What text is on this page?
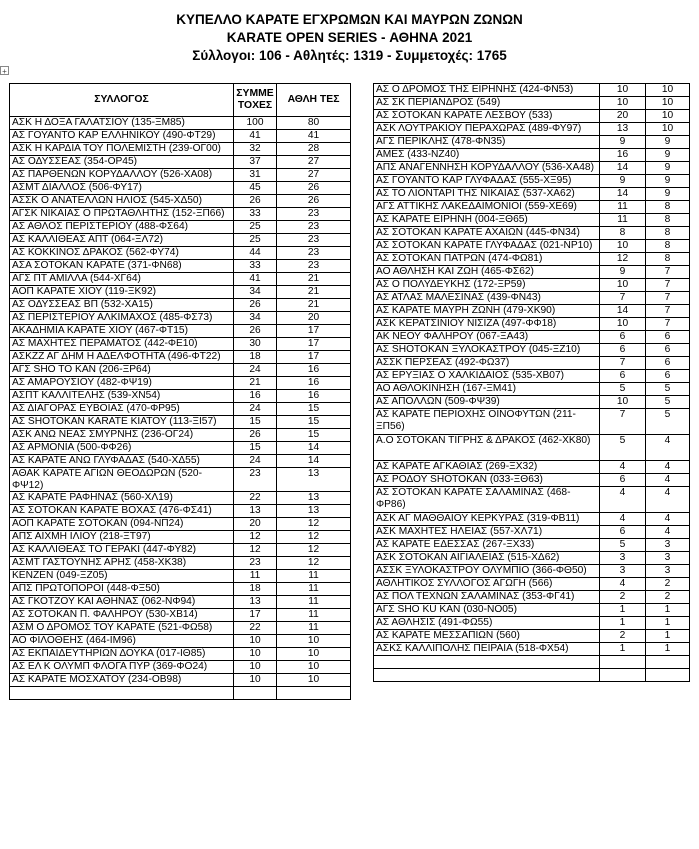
ΚΥΠΕΛΛΟ ΚΑΡΑΤΕ ΕΓΧΡΩΜΩΝ ΚΑΙ ΜΑΥΡΩΝ ΖΩΝΩΝ
KARATE OPEN SERIES - ΑΘΗΝΑ 2021
Σύλλογοι: 106 - Αθλητές: 1319 - Συμμετοχές: 1765
+
ΣΥΛΛΟΓΟΣ	ΣΥΜΜΕ ΤΟΧΕΣ	ΑΘΛΗ ΤΕΣ
ΑΣΚ Η ΔΟΞΑ ΓΑΛΑΤΣΙΟΥ (135-ΞΜ85)	100	80
ΑΣ ΓΟΥΑΝΤΟ ΚΑΡ ΕΛΛΗΝΙΚΟΥ (490-ΦΤ29)	41	41
ΑΣΚ Η ΚΑΡΔΙΑ ΤΟΥ ΠΟΛΕΜΙΣΤΗ (239-ΟΓ00)	32	28
ΑΣ ΟΔΥΣΣΕΑΣ (354-ΟΡ45)	37	27
ΑΣ ΠΑΡΘΕΝΩΝ ΚΟΡΥΔΑΛΛΟΥ (526-ΧΑ08)	31	27
ΑΣΜΤ ΔΙΑΛΛΟΣ (506-ΦΥ17)	45	26
ΑΣΣΚ Ο ΑΝΑΤΕΛΛΩΝ ΗΛΙΟΣ (545-ΧΔ50)	26	26
ΑΓΣΚ ΝΙΚΑΙΑΣ Ο ΠΡΩΤΑΘΛΗΤΗΣ (152-ΞΠ66)	33	23
ΑΣ ΑΘΛΟΣ ΠΕΡΙΣΤΕΡΙΟΥ (488-ΦΣ64)	25	23
ΑΣ ΚΑΛΛΙΘΕΑΣ ΑΠΤ (064-ΞΛ72)	25	23
ΑΣ ΚΟΚΚΙΝΟΣ ΔΡΑΚΟΣ (562-ΦΥ74)	44	23
ΑΣΑ ΣΟΤΟΚΑΝ ΚΑΡΑΤΕ (371-ΦΝ68)	33	23
ΑΓΣ ΠΤ ΑΜΙΛΛΑ (544-ΧΓ64)	41	21
ΑΟΠ ΚΑΡΑΤΕ ΧΙΟΥ (119-ΞΚ92)	34	21
ΑΣ ΟΔΥΣΣΕΑΣ ΒΠ (532-ΧΑ15)	26	21
ΑΣ ΠΕΡΙΣΤΕΡΙΟΥ ΑΛΚΙΜΑΧΟΣ (485-ΦΣ73)	34	20
ΑΚΑΔΗΜΙΑ ΚΑΡΑΤΕ ΧΙΟΥ (467-ΦΤ15)	26	17
ΑΣ ΜΑΧΗΤΕΣ ΠΕΡΑΜΑΤΟΣ (442-ΦΕ10)	30	17
ΑΣΚΖΖ ΑΓ ΔΗΜ Η ΑΔΕΛΦΟΤΗΤΑ (496-ΦΤ22)	18	17
ΑΓΣ SHO TO KAN (206-ΞΡ64)	24	16
ΑΣ ΑΜΑΡΟΥΣΙΟΥ (482-ΦΨ19)	21	16
ΑΣΠΤ ΚΑΛΛΙΤΕΛΗΣ (539-ΧΝ54)	16	16
ΑΣ ΔΙΑΓΟΡΑΣ ΕΥΒΟΙΑΣ (470-ΦΡ95)	24	15
ΑΣ SHOTOKAN KARATE ΚΙΑΤΟΥ (113-ΞΙ57)	15	15
ΑΣΚ ΑΝΩ ΝΕΑΣ ΣΜΥΡΝΗΣ (236-ΟΓ24)	26	15
ΑΣ ΑΡΜΟΝΙΑ (500-ΦΦ26)	15	14
ΑΣ ΚΑΡΑΤΕ ΑΝΩ ΓΛΥΦΑΔΑΣ (540-ΧΔ55)	24	14
ΑΘΑΚ ΚΑΡΑΤΕ ΑΓΙΩΝ ΘΕΟΔΩΡΩΝ (520-ΦΨ12)	23	13
ΑΣ ΚΑΡΑΤΕ ΡΑΦΗΝΑΣ (560-ΧΛ19)	22	13
ΑΣ ΣΟΤΟΚΑΝ ΚΑΡΑΤΕ ΒΟΧΑΣ (476-ΦΣ41)	13	13
ΑΟΠ ΚΑΡΑΤΕ ΣΟΤΟΚΑΝ (094-ΝΠ24)	20	12
ΑΠΣ ΑΙΧΜΗ ΙΛΙΟΥ (218-ΞΤ97)	12	12
ΑΣ ΚΑΛΛΙΘΕΑΣ ΤΟ ΓΕΡΑΚΙ (447-ΦΥ82)	12	12
ΑΣΜΤ ΓΑΣΤΟΥΝΗΣ ΑΡΗΣ (458-ΧΚ38)	23	12
ΚΕΝΖΕΝ (049-ΞΖ05)	11	11
ΑΠΣ ΠΡΩΤΟΠΟΡΟΙ (448-ΦΞ50)	18	11
ΑΣ ΓΚΟΤΖΟΥ ΚΑΙ ΑΘΗΝΑΣ (062-ΝΦ94)	13	11
ΑΣ ΣΟΤΟΚΑΝ Π. ΦΑΛΗΡΟΥ (530-ΧΒ14)	17	11
ΑΣΜ Ο ΔΡΟΜΟΣ ΤΟΥ ΚΑΡΑΤΕ (521-ΦΩ58)	22	11
ΑΟ ΦΙΛΟΘΕΗΣ (464-ΙΜ96)	10	10
ΑΣ ΕΚΠΑΙΔΕΥΤΗΡΙΩΝ ΔΟΥΚΑ (017-ΙΘ85)	10	10
ΑΣ ΕΛ Κ ΟΛΥΜΠ ΦΛΟΓΑ ΠΥΡ (369-ΦΟ24)	10	10
ΑΣ ΚΑΡΑΤΕ ΜΟΣΧΑΤΟΥ (234-ΟΒ98)	10	10

ΑΣ Ο ΔΡΟΜΟΣ ΤΗΣ ΕΙΡΗΝΗΣ (424-ΦΝ53)	10	10
ΑΣ ΣΚ ΠΕΡΙΑΝΔΡΟΣ (549)	10	10
ΑΣ ΣΟΤΟΚΑΝ ΚΑΡΑΤΕ ΛΕΣΒΟΥ (533)	20	10
ΑΣΚ ΛΟΥΤΡΑΚΙΟΥ ΠΕΡΑΧΩΡΑΣ (489-ΦΥ97)	13	10
ΑΓΣ ΠΕΡΙΚΛΗΣ (478-ΦΝ35)	9	9
ΑΜΕΣ (433-ΝΖ40)	16	9
ΑΠΣ ΑΝΑΓΕΝΝΗΣΗ ΚΟΡΥΔΑΛΛΟΥ (536-ΧΑ48)	14	9
ΑΣ ΓΟΥΑΝΤΟ ΚΑΡ ΓΛΥΦΑΔΑΣ (555-ΧΞ95)	9	9
ΑΣ ΤΟ ΛΙΟΝΤΑΡΙ ΤΗΣ ΝΙΚΑΙΑΣ (537-ΧΑ62)	14	9
ΑΓΣ ΑΤΤΙΚΗΣ ΛΑΚΕΔΑΙΜΟΝΙΟΙ (559-ΧΕ69)	11	8
ΑΣ ΚΑΡΑΤΕ ΕΙΡΗΝΗ (004-ΞΘ65)	11	8
ΑΣ ΣΟΤΟΚΑΝ ΚΑΡΑΤΕ ΑΧΑΙΩΝ (445-ΦΝ34)	8	8
ΑΣ ΣΟΤΟΚΑΝ ΚΑΡΑΤΕ ΓΛΥΦΑΔΑΣ (021-ΝΡ10)	10	8
ΑΣ ΣΟΤΟΚΑΝ ΠΑΤΡΩΝ (474-ΦΩ81)	12	8
ΑΟ ΑΘΛΗΣΗ ΚΑΙ ΖΩΗ (465-ΦΣ62)	9	7
ΑΣ Ο ΠΟΛΥΔΕΥΚΗΣ (172-ΞΡ59)	10	7
ΑΣ ΑΤΛΑΣ ΜΑΛΕΣΙΝΑΣ (439-ΦΝ43)	7	7
ΑΣ ΚΑΡΑΤΕ ΜΑΥΡΗ ΖΩΝΗ (479-ΧΚ90)	14	7
ΑΣΚ ΚΕΡΑΤΣΙΝΙΟΥ ΝΙΣΙΖΑ (497-ΦΦ18)	10	7
ΑΚ ΝΕΟΥ ΦΑΛΗΡΟΥ (067-ΞΑ43)	6	6
ΑΣ SHOTOKAN ΞΥΛΟΚΑΣΤΡΟΥ (045-ΞΖ10)	6	6
ΑΣΣΚ ΠΕΡΣΕΑΣ (492-ΦΩ37)	7	6
ΑΣ ΕΡΥΞΙΑΣ Ο ΧΑΛΚΙΔΑΙΟΣ (535-ΧΒ07)	6	6
ΑΟ ΑΘΛΟΚΙΝΗΣΗ (167-ΞΜ41)	5	5
ΑΣ ΑΠΟΛΛΩΝ (509-ΦΨ39)	10	5
ΑΣ ΚΑΡΑΤΕ ΠΕΡΙΟΧΗΣ ΟΙΝΟΦΥΤΩΝ (211-ΞΠ56)	7	5
Α.Ο ΣΟΤΟΚΑΝ ΤΙΓΡΗΣ & ΔΡΑΚΟΣ (462-ΧΚ80)	5	4
ΑΣ ΚΑΡΑΤΕ ΑΓΚΑΘΙΑΣ (269-ΞΧ32)	4	4
ΑΣ ΡΟΔΟΥ SHOTOKAN (033-ΞΘ63)	6	4
ΑΣ ΣΟΤΟΚΑΝ ΚΑΡΑΤΕ ΣΑΛΑΜΙΝΑΣ (468-ΦΡ86)	4	4
ΑΣΚ ΑΓ ΜΑΘΘΑΙΟΥ ΚΕΡΚΥΡΑΣ (319-ΦΒ11)	4	4
ΑΣΚ ΜΑΧΗΤΕΣ ΗΛΕΙΑΣ (557-ΧΛ71)	6	4
ΑΣ ΚΑΡΑΤΕ ΕΔΕΣΣΑΣ (267-ΞΧ33)	5	3
ΑΣΚ ΣΟΤΟΚΑΝ ΑΙΓΙΑΛΕΙΑΣ (515-ΧΔ62)	3	3
ΑΣΣΚ ΞΥΛΟΚΑΣΤΡΟΥ ΟΛΥΜΠΙΟ (366-ΦΘ50)	3	3
ΑΘΛΗΤΙΚΟΣ ΣΥΛΛΟΓΟΣ ΑΓΩΓΗ (566)	4	2
ΑΣ ΠΟΛ ΤΕΧΝΩΝ ΣΑΛΑΜΙΝΑΣ (353-ΦΓ41)	2	2
ΑΓΣ SHO KU KAN (030-ΝΟ05)	1	1
ΑΣ ΑΘΛΗΣΙΣ (491-ΦΩ55)	1	1
ΑΣ ΚΑΡΑΤΕ ΜΕΣΣΑΠΙΩΝ (560)	2	1
ΑΣΚΣ ΚΑΛΛΙΠΟΛΗΣ ΠΕΙΡΑΙΑ (518-ΦΧ54)	1	1
